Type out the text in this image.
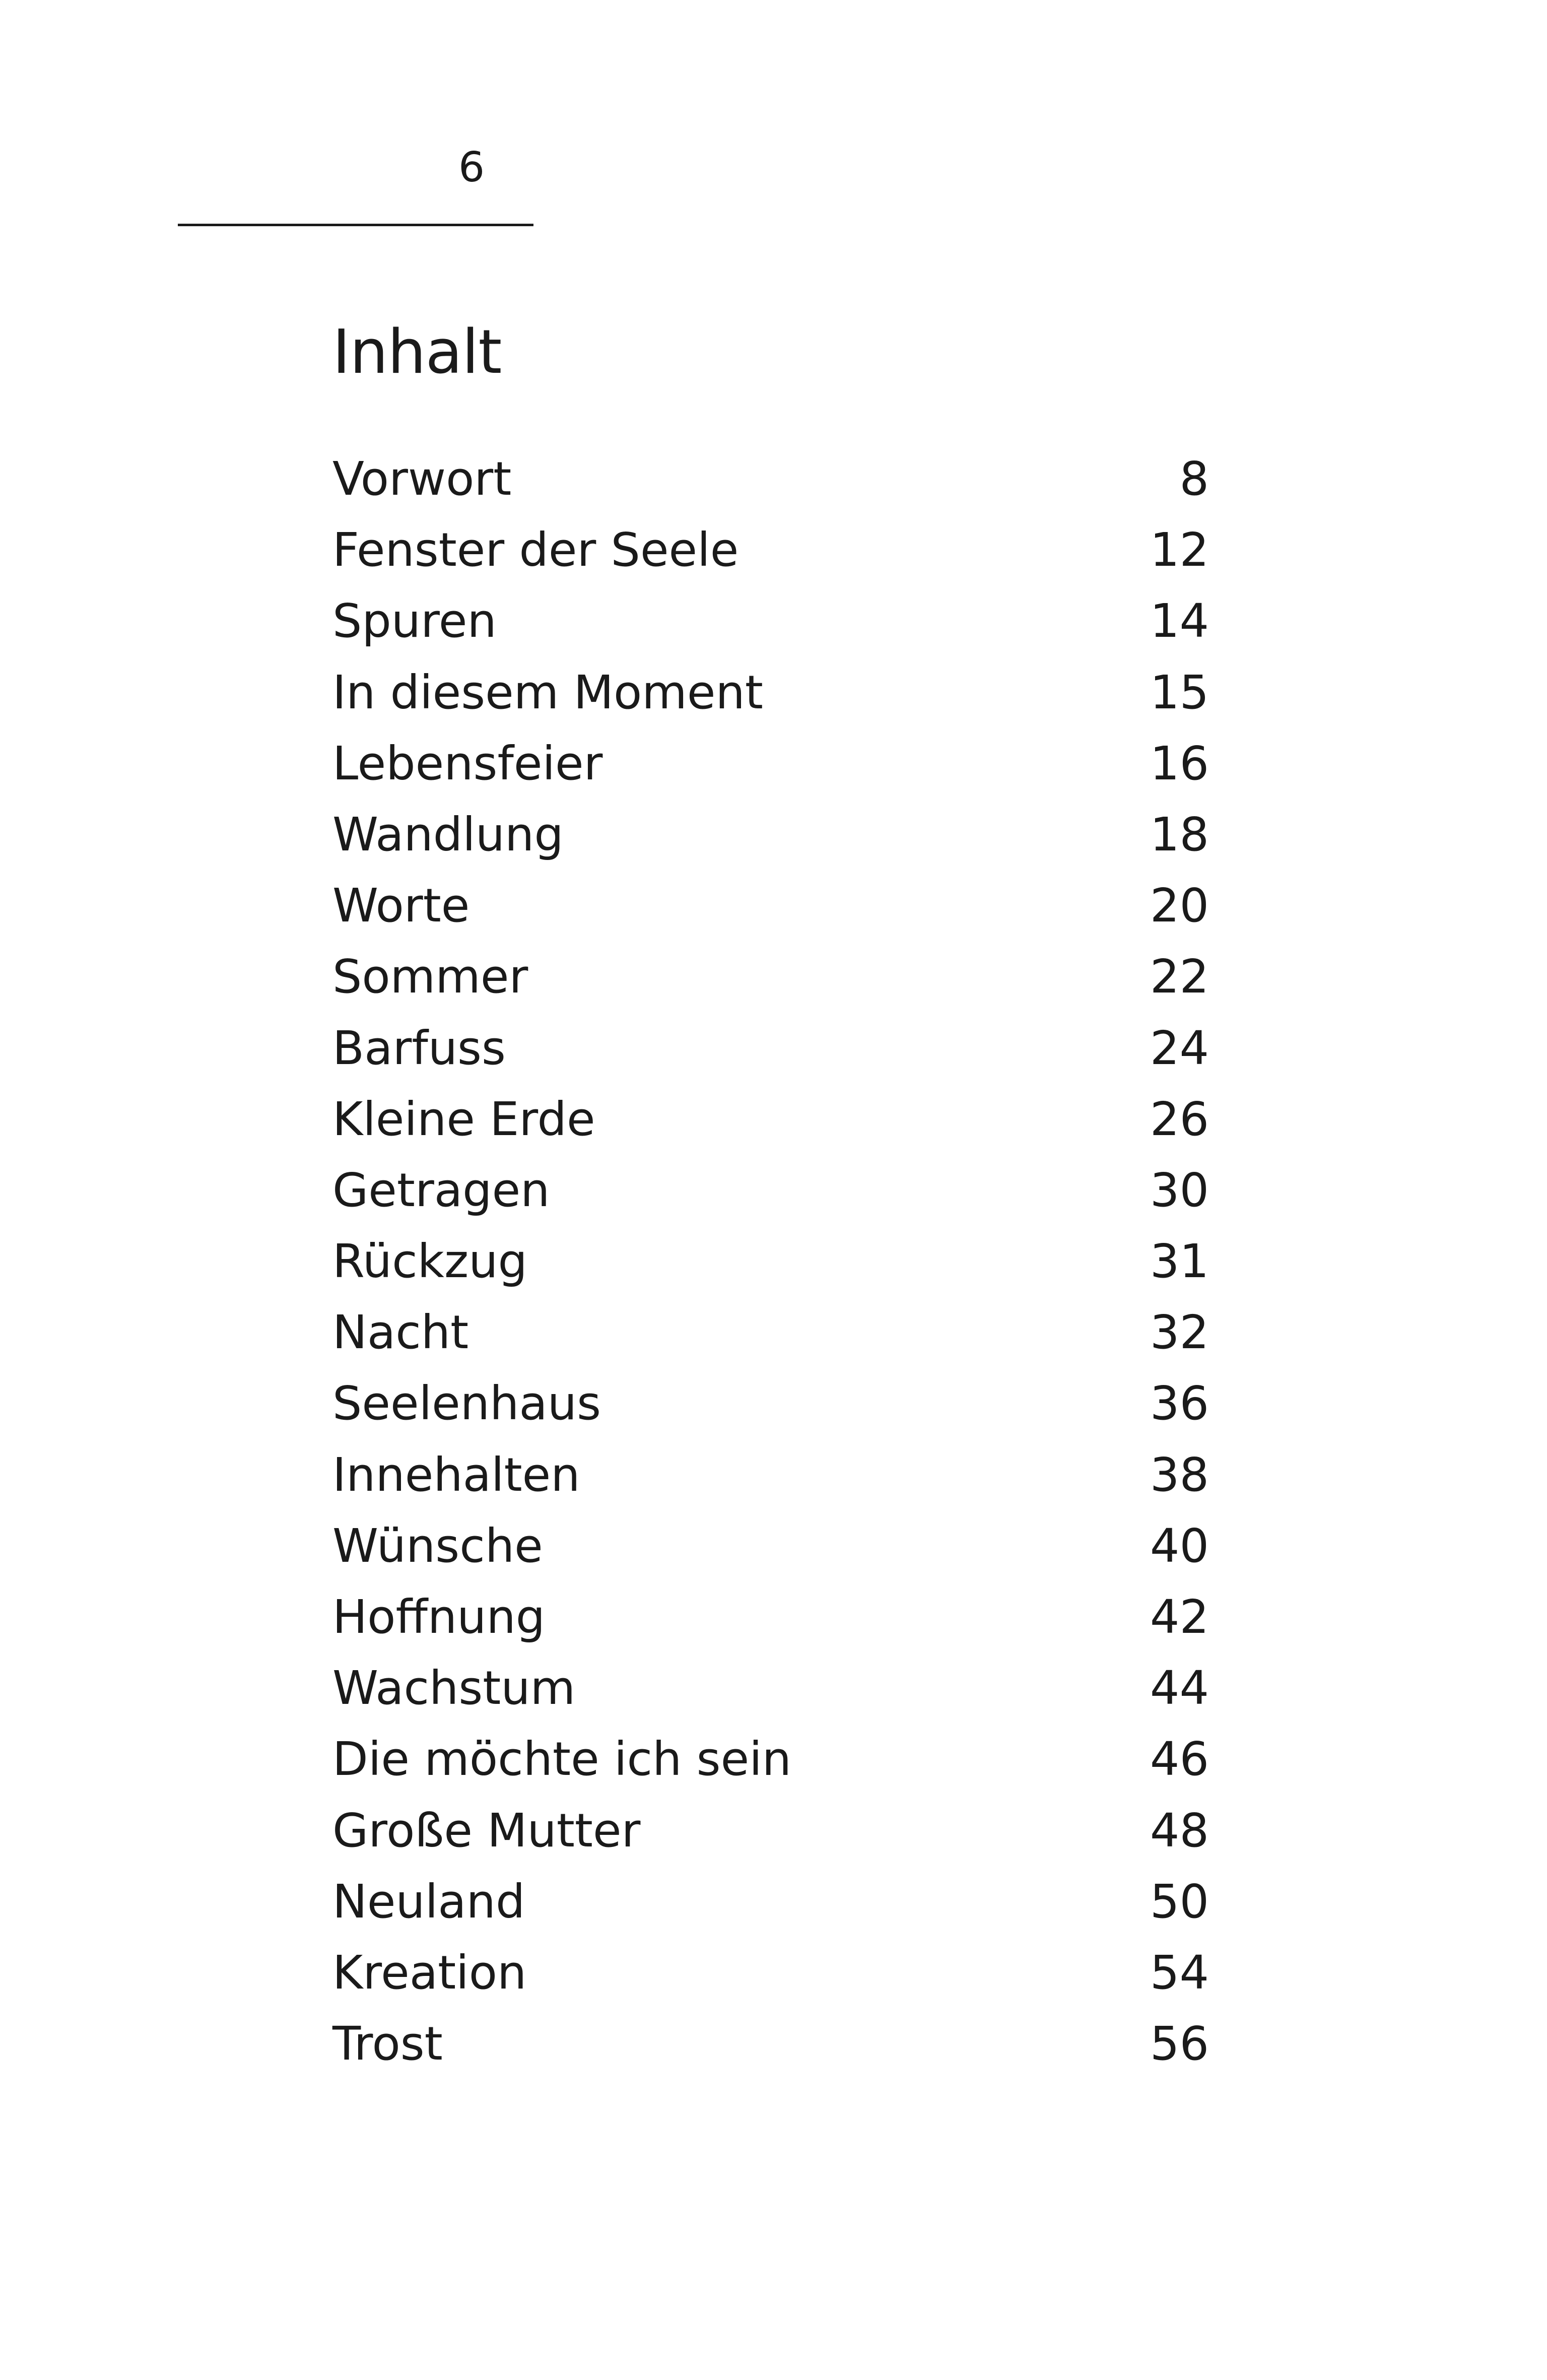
6
Inhalt
Vorwort	8
Fenster der Seele	12
Spuren	14
In diesem Moment	15
Lebensfeier	16
Wandlung	18
Worte	20
Sommer	22
Barfuss	24
Kleine Erde	26
Getragen	30
Rückzug	31
Nacht	32
Seelenhaus	36
Innehalten	38
Wünsche	40
Hoffnung	42
Wachstum	44
Die möchte ich sein	46
Große Mutter	48
Neuland	50
Kreation	54
Trost	56
